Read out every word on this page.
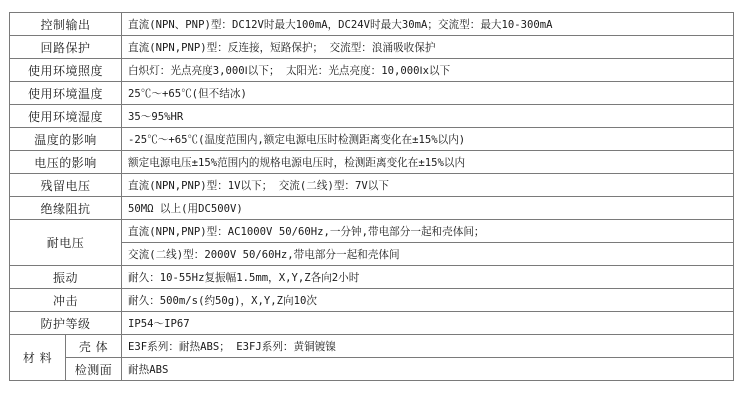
控制输出		直流(NPN、PNP)型：DC12V时最大100mA，DC24V时最大30mA；交流型：最大10-300mA
回路保护		直流(NPN,PNP)型：反连接，短路保护； 交流型：浪涌吸收保护
使用环境照度		白炽灯：光点亮度3,000Ⅰ以下； 太阳光：光点亮度：10,000Ⅰx以下
使用环境温度		25℃～+65℃(但不结冰)
使用环境湿度		35～95%HR
温度的影响		-25℃～+65℃(温度范围内,额定电源电压时检测距离变化在±15%以内)
电压的影响		额定电源电压±15%范围内的规格电源电压时，检测距离变化在±15%以内
残留电压		直流(NPN,PNP)型：1V以下； 交流(二线)型：7V以下
绝缘阻抗		50MΩ 以上(用DC500V)
耐电压		直流(NPN,PNP)型：AC1000V 50/60Hz,一分钟,带电部分一起和壳体间；
		交流(二线)型：2000V 50/60Hz,带电部分一起和壳体间
振动		耐久：10-55Hz复振幅1.5mm，X,Y,Z各向2小时
冲击		耐久：500m/s(约50g)，X,Y,Z向10次
防护等级		IP54～IP67
材 料	壳 体	E3F系列：耐热ABS； E3FJ系列：黄铜镀镍
	检测面	耐热ABS
